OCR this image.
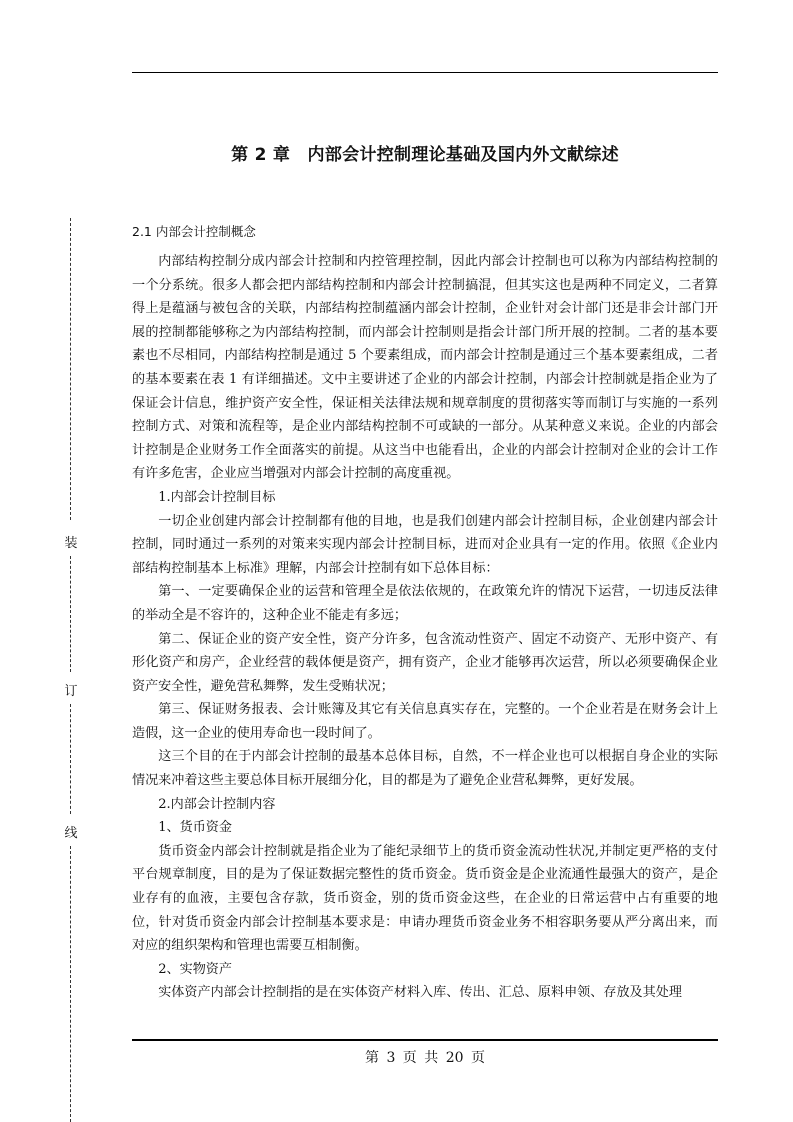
第 2 章　内部会计控制理论基础及国内外文献综述
2.1 内部会计控制概念

内部结构控制分成内部会计控制和内控管理控制，因此内部会计控制也可以称为内部结构控制的一个分系统。很多人都会把内部结构控制和内部会计控制搞混，但其实这也是两种不同定义，二者算得上是蕴涵与被包含的关联，内部结构控制蕴涵内部会计控制，企业针对会计部门还是非会计部门开展的控制都能够称之为内部结构控制，而内部会计控制则是指会计部门所开展的控制。二者的基本要素也不尽相同，内部结构控制是通过 5 个要素组成，而内部会计控制是通过三个基本要素组成，二者的基本要素在表 1 有详细描述。文中主要讲述了企业的内部会计控制，内部会计控制就是指企业为了保证会计信息，维护资产安全性，保证相关法律法规和规章制度的贯彻落实等而制订与实施的一系列控制方式、对策和流程等，是企业内部结构控制不可或缺的一部分。从某种意义来说。企业的内部会计控制是企业财务工作全面落实的前提。从这当中也能看出，企业的内部会计控制对企业的会计工作有许多危害，企业应当增强对内部会计控制的高度重视。

1.内部会计控制目标

一切企业创建内部会计控制都有他的目地，也是我们创建内部会计控制目标，企业创建内部会计控制，同时通过一系列的对策来实现内部会计控制目标，进而对企业具有一定的作用。依照《企业内部结构控制基本上标准》理解，内部会计控制有如下总体目标：

第一、一定要确保企业的运营和管理全是依法依规的，在政策允许的情况下运营，一切违反法律的举动全是不容许的，这种企业不能走有多远；

第二、保证企业的资产安全性，资产分许多，包含流动性资产、固定不动资产、无形中资产、有形化资产和房产，企业经营的载体便是资产，拥有资产，企业才能够再次运营，所以必须要确保企业资产安全性，避免营私舞弊，发生受贿状况；

第三、保证财务报表、会计账簿及其它有关信息真实存在，完整的。一个企业若是在财务会计上造假，这一企业的使用寿命也一段时间了。

这三个目的在于内部会计控制的最基本总体目标，自然，不一样企业也可以根据自身企业的实际情况来冲着这些主要总体目标开展细分化，目的都是为了避免企业营私舞弊，更好发展。

2.内部会计控制内容

1、货币资金

货币资金内部会计控制就是指企业为了能纪录细节上的货币资金流动性状况,并制定更严格的支付平台规章制度，目的是为了保证数据完整性的货币资金。货币资金是企业流通性最强大的资产，是企业存有的血液，主要包含存款，货币资金，别的货币资金这些，在企业的日常运营中占有重要的地位，针对货币资金内部会计控制基本要求是：申请办理货币资金业务不相容职务要从严分离出来，而对应的组织架构和管理也需要互相制衡。

2、实物资产

实体资产内部会计控制指的是在实体资产材料入库、传出、汇总、原料申领、存放及其处理

第 3 页 共 20 页
装
订
线
